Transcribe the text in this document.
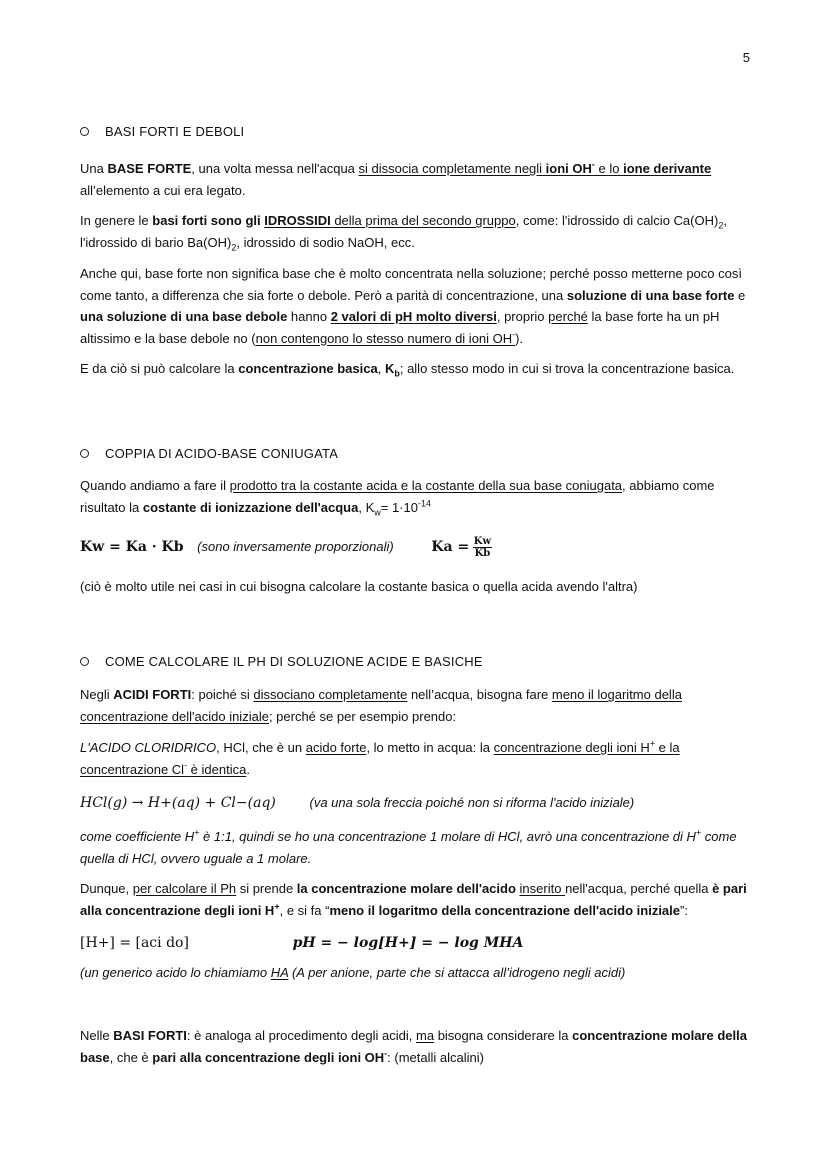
5
BASI FORTI E DEBOLI
Una BASE FORTE, una volta messa nell'acqua si dissocia completamente negli ioni OH- e lo ione derivante
all’elemento a cui era legato.
In genere le basi forti sono gli IDROSSIDI della prima del secondo gruppo, come: l'idrossido di calcio $Ca(OH)_2$, l'idrossido di bario $Ba(OH)_2$, idrossido di sodio NaOH, ecc.
Anche qui, base forte non significa base che è molto concentrata nella soluzione; perché posso metterne poco così come tanto, a differenza che sia forte o debole. Però a parità di concentrazione, una soluzione di una base forte e una soluzione di una base debole hanno 2 valori di pH molto diversi, proprio perché la base forte ha un pH altissimo e la base debole no (non contengono lo stesso numero di ioni OH-).
E da ciò si può calcolare la concentrazione basica, $K_b$; allo stesso modo in cui si trova la concentrazione basica.
COPPIA DI ACIDO-BASE CONIUGATA
Quando andiamo a fare il prodotto tra la costante acida e la costante della sua base coniugata, abbiamo come risultato la costante di ionizzazione dell'acqua, $K_w= 1\cdot 10^{-14}$
Kw = Ka · Kb (sono inversamente proporzionali)	$Ka = \frac{Kw}{Kb}$
(ciò è molto utile nei casi in cui bisogna calcolare la costante basica o quella acida avendo l'altra)
COME CALCOLARE IL PH DI SOLUZIONE ACIDE E BASICHE
Negli ACIDI FORTI: poiché si dissociano completamente nell’acqua, bisogna fare meno il logaritmo della concentrazione dell'acido iniziale; perché se per esempio prendo:
L'ACIDO CLORIDRICO, HCl, che è un acido forte, lo metto in acqua: la concentrazione degli ioni H+ e la concentrazione Cl- è identica.
HCl(g) → H+(aq) + Cl−(aq)	(va una sola freccia poiché non si riforma l'acido iniziale)
come coefficiente H+ è 1:1, quindi se ho una concentrazione 1 molare di HCl, avrò una concentrazione di H+ come quella di HCl, ovvero uguale a 1 molare.
Dunque, per calcolare il Ph si prende la concentrazione molare dell'acido inserito nell'acqua, perché quella è pari alla concentrazione degli ioni H+, e si fa “meno il logaritmo della concentrazione dell'acido iniziale”:
[H+] = [aci do]	pH = − log[H+] = − log MHA
(un generico acido lo chiamiamo HA (A per anione, parte che si attacca all’idrogeno negli acidi)
Nelle BASI FORTI: è analoga al procedimento degli acidi, ma bisogna considerare la concentrazione molare della base, che è pari alla concentrazione degli ioni OH-: (metalli alcalini)
